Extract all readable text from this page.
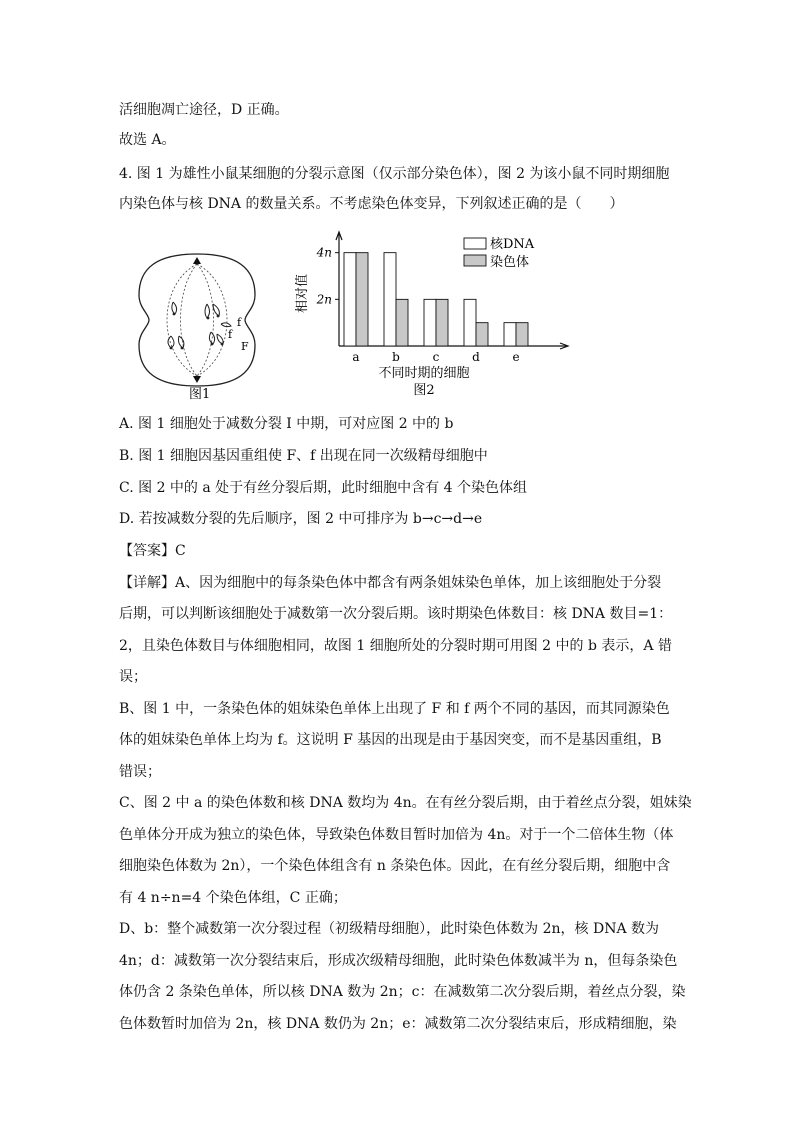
活细胞凋亡途径，D 正确。
故选 A。
4. 图 1 为雄性小鼠某细胞的分裂示意图（仅示部分染色体），图 2 为该小鼠不同时期细胞
内染色体与核 DNA 的数量关系。不考虑染色体变异，下列叙述正确的是（　　）
f
f
F
图1
4n
2n
a	b	c	d	e
相对值
核DNA
染色体
不同时期的细胞
图2
A. 图 1 细胞处于减数分裂 I 中期，可对应图 2 中的 b
B. 图 1 细胞因基因重组使 F、f 出现在同一次级精母细胞中
C. 图 2 中的 a 处于有丝分裂后期，此时细胞中含有 4 个染色体组
D. 若按减数分裂的先后顺序，图 2 中可排序为 b→c→d→e
【答案】C
【详解】A、因为细胞中的每条染色体中都含有两条姐妹染色单体，加上该细胞处于分裂
后期，可以判断该细胞处于减数第一次分裂后期。该时期染色体数目：核 DNA 数目=1：
2，且染色体数目与体细胞相同，故图 1 细胞所处的分裂时期可用图 2 中的 b 表示，A 错
误；
B、图 1 中，一条染色体的姐妹染色单体上出现了 F 和 f 两个不同的基因，而其同源染色
体的姐妹染色单体上均为 f。这说明 F 基因的出现是由于基因突变，而不是基因重组，B
错误；
C、图 2 中 a 的染色体数和核 DNA 数均为 4n。在有丝分裂后期，由于着丝点分裂，姐妹染
色单体分开成为独立的染色体，导致染色体数目暂时加倍为 4n。对于一个二倍体生物（体
细胞染色体数为 2n），一个染色体组含有 n 条染色体。因此，在有丝分裂后期，细胞中含
有 4 n÷n=4 个染色体组，C 正确；
D、b：整个减数第一次分裂过程（初级精母细胞），此时染色体数为 2n，核 DNA 数为
4n；d：减数第一次分裂结束后，形成次级精母细胞，此时染色体数减半为 n，但每条染色
体仍含 2 条染色单体，所以核 DNA 数为 2n；c：在减数第二次分裂后期，着丝点分裂，染
色体数暂时加倍为 2n，核 DNA 数仍为 2n；e：减数第二次分裂结束后，形成精细胞，染
